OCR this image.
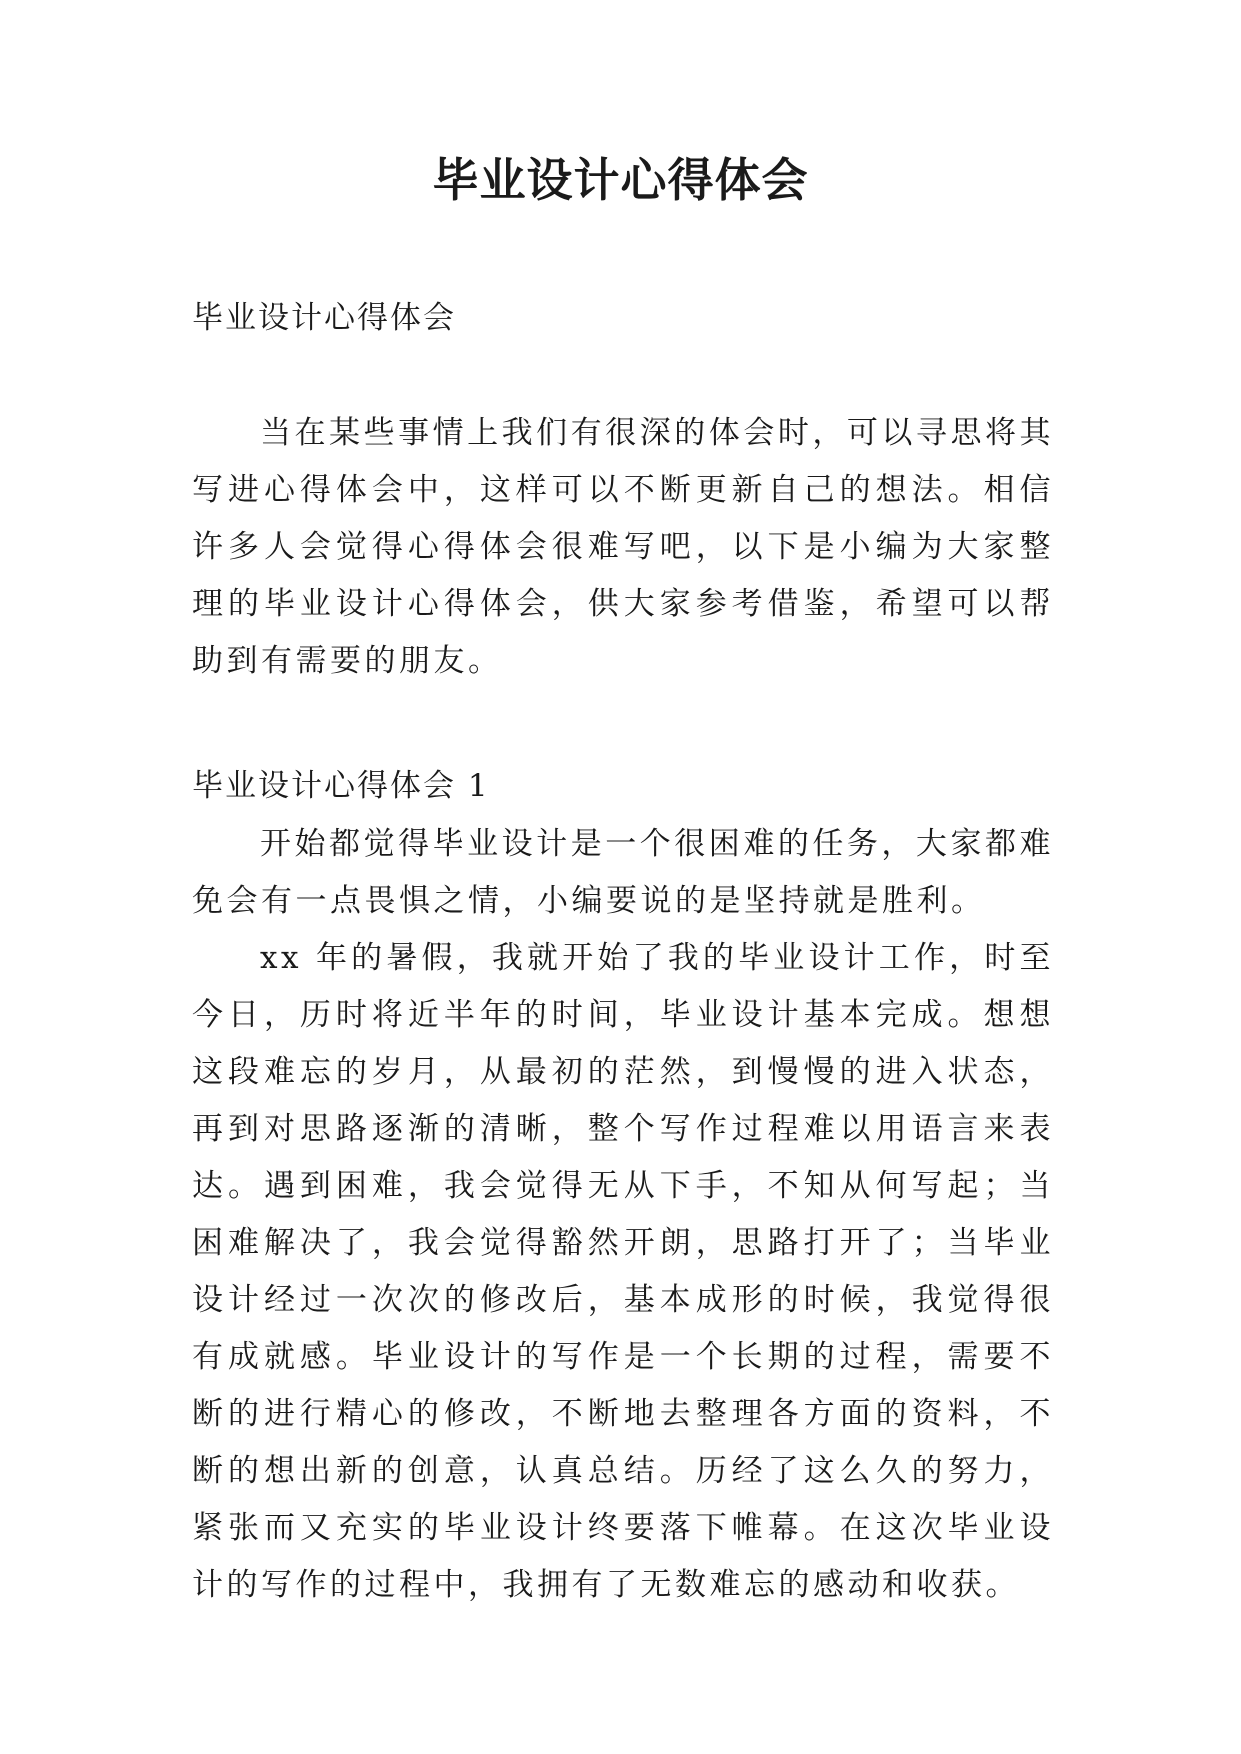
毕业设计心得体会

毕业设计心得体会

当在某些事情上我们有很深的体会时，可以寻思将其写进心得体会中，这样可以不断更新自己的想法。相信许多人会觉得心得体会很难写吧，以下是小编为大家整理的毕业设计心得体会，供大家参考借鉴，希望可以帮助到有需要的朋友。

毕业设计心得体会 1

开始都觉得毕业设计是一个很困难的任务，大家都难免会有一点畏惧之情，小编要说的是坚持就是胜利。

xx 年的暑假，我就开始了我的毕业设计工作，时至今日，历时将近半年的时间，毕业设计基本完成。想想这段难忘的岁月，从最初的茫然，到慢慢的进入状态，再到对思路逐渐的清晰，整个写作过程难以用语言来表达。遇到困难，我会觉得无从下手，不知从何写起；当困难解决了，我会觉得豁然开朗，思路打开了；当毕业设计经过一次次的修改后，基本成形的时候，我觉得很有成就感。毕业设计的写作是一个长期的过程，需要不断的进行精心的修改，不断地去整理各方面的资料，不断的想出新的创意，认真总结。历经了这么久的努力，紧张而又充实的毕业设计终要落下帷幕。在这次毕业设计的写作的过程中，我拥有了无数难忘的感动和收获。
